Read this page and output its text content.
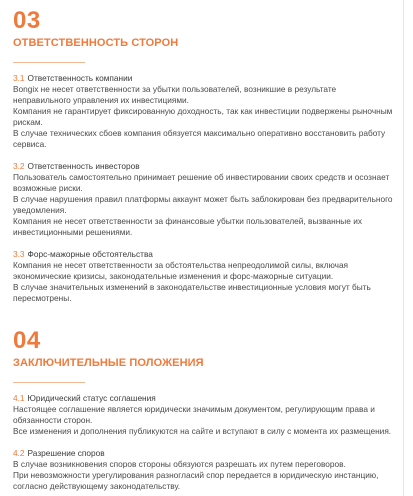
03
ОТВЕТСТВЕННОСТЬ СТОРОН

3.1 Ответственность компании

Bongix не несет ответственности за убытки пользователей, возникшие в результате

неправильного управления их инвестициями.

Компания не гарантирует фиксированную доходность, так как инвестиции подвержены рыночным

рискам.

В случае технических сбоев компания обязуется максимально оперативно восстановить работу

сервиса.

3.2 Ответственность инвесторов

Пользователь самостоятельно принимает решение об инвестировании своих средств и осознает

возможные риски.

В случае нарушения правил платформы аккаунт может быть заблокирован без предварительного

уведомления.

Компания не несет ответственности за финансовые убытки пользователей, вызванные их

инвестиционными решениями.

3.3 Форс-мажорные обстоятельства

Компания не несет ответственности за обстоятельства непреодолимой силы, включая

экономические кризисы, законодательные изменения и форс-мажорные ситуации.

В случае значительных изменений в законодательстве инвестиционные условия могут быть

пересмотрены.

04
ЗАКЛЮЧИТЕЛЬНЫЕ ПОЛОЖЕНИЯ

4.1 Юридический статус соглашения

Настоящее соглашение является юридически значимым документом, регулирующим права и

обязанности сторон.

Все изменения и дополнения публикуются на сайте и вступают в силу с момента их размещения.

4.2 Разрешение споров

В случае возникновения споров стороны обязуются разрешать их путем переговоров.

При невозможности урегулирования разногласий спор передается в юридическую инстанцию,

согласно действующему законодательству.
